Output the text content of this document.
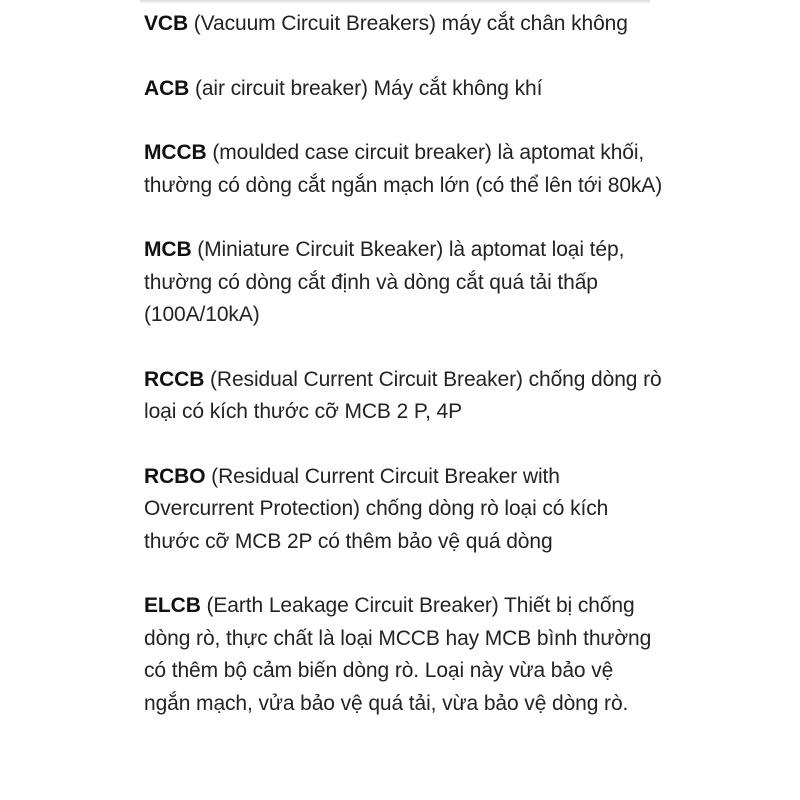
VCB (Vacuum Circuit Breakers) máy cắt chân không

ACB (air circuit breaker) Máy cắt không khí

MCCB (moulded case circuit breaker) là aptomat khối, thường có dòng cắt ngắn mạch lớn (có thể lên tới 80kA)

MCB (Miniature Circuit Bkeaker) là aptomat loại tép, thường có dòng cắt định và dòng cắt quá tải thấp (100A/10kA)

RCCB (Residual Current Circuit Breaker) chống dòng rò loại có kích thước cỡ MCB 2 P, 4P

RCBO (Residual Current Circuit Breaker with Overcurrent Protection) chống dòng rò loại có kích thước cỡ MCB 2P có thêm bảo vệ quá dòng

ELCB (Earth Leakage Circuit Breaker) Thiết bị chống dòng rò, thực chất là loại MCCB hay MCB bình thường có thêm bộ cảm biến dòng rò. Loại này vừa bảo vệ ngắn mạch, vửa bảo vệ quá tải, vừa bảo vệ dòng rò.
